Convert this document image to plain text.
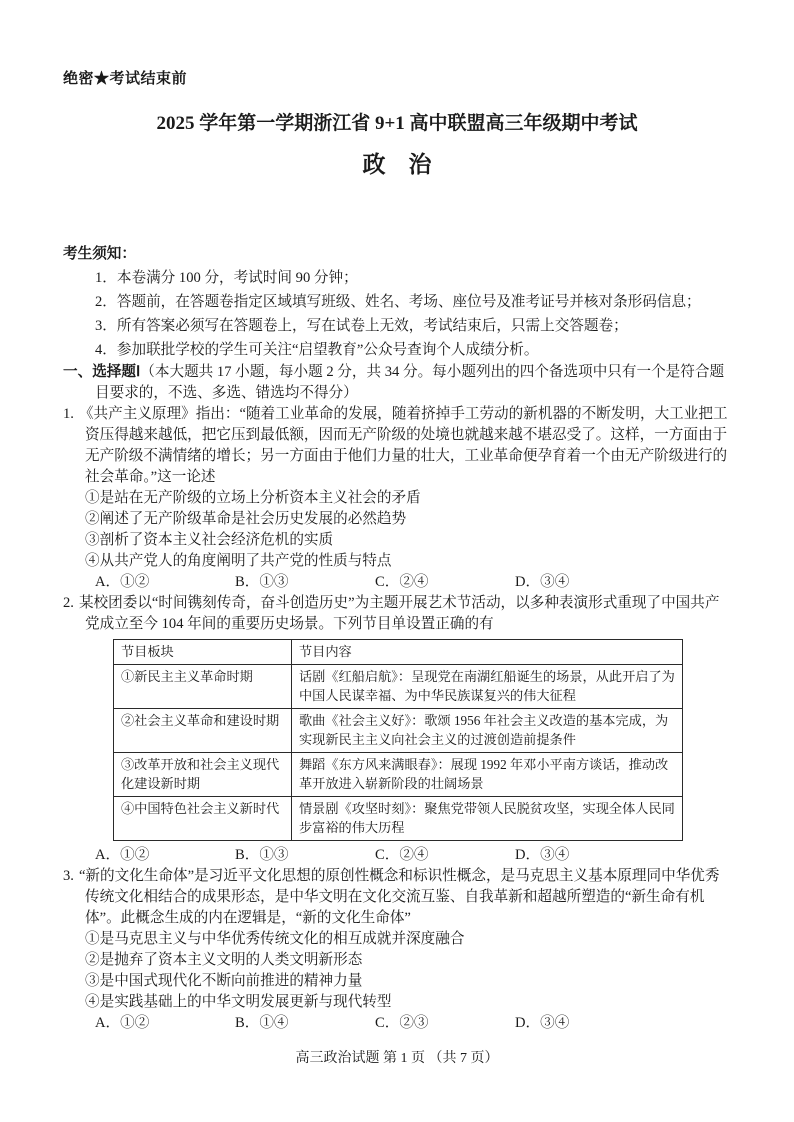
绝密★考试结束前
2025 学年第一学期浙江省 9+1 高中联盟高三年级期中考试
政　治
考生须知：
1．本卷满分 100 分，考试时间 90 分钟；
2．答题前，在答题卷指定区域填写班级、姓名、考场、座位号及准考证号并核对条形码信息；
3．所有答案必须写在答题卷上，写在试卷上无效，考试结束后，只需上交答题卷；
4．参加联批学校的学生可关注“启望教育”公众号查询个人成绩分析。
一、选择题Ⅰ（本大题共 17 小题，每小题 2 分，共 34 分。每小题列出的四个备选项中只有一个是符合题目要求的，不选、多选、错选均不得分）
1. 《共产主义原理》指出：“随着工业革命的发展，随着挤掉手工劳动的新机器的不断发明，大工业把工资压得越来越低，把它压到最低额，因而无产阶级的处境也就越来越不堪忍受了。这样，一方面由于无产阶级不满情绪的增长；另一方面由于他们力量的壮大，工业革命便孕育着一个由无产阶级进行的社会革命。”这一论述
①是站在无产阶级的立场上分析资本主义社会的矛盾
②阐述了无产阶级革命是社会历史发展的必然趋势
③剖析了资本主义社会经济危机的实质
④从共产党人的角度阐明了共产党的性质与特点
A．①②	B．①③	C．②④	D．③④
2. 某校团委以“时间镌刻传奇，奋斗创造历史”为主题开展艺术节活动，以多种表演形式重现了中国共产党成立至今 104 年间的重要历史场景。下列节目单设置正确的有
节目板块	节目内容
①新民主主义革命时期	话剧《红船启航》：呈现党在南湖红船诞生的场景，从此开启了为中国人民谋幸福、为中华民族谋复兴的伟大征程
②社会主义革命和建设时期	歌曲《社会主义好》：歌颂 1956 年社会主义改造的基本完成，为实现新民主主义向社会主义的过渡创造前提条件
③改革开放和社会主义现代化建设新时期	舞蹈《东方风来满眼春》：展现 1992 年邓小平南方谈话，推动改革开放进入崭新阶段的壮阔场景
④中国特色社会主义新时代	情景剧《攻坚时刻》：聚焦党带领人民脱贫攻坚，实现全体人民同步富裕的伟大历程
A．①②	B．①③	C．②④	D．③④
3. “新的文化生命体”是习近平文化思想的原创性概念和标识性概念，是马克思主义基本原理同中华优秀传统文化相结合的成果形态，是中华文明在文化交流互鉴、自我革新和超越所塑造的“新生命有机体”。此概念生成的内在逻辑是，“新的文化生命体”
①是马克思主义与中华优秀传统文化的相互成就并深度融合
②是抛弃了资本主义文明的人类文明新形态
③是中国式现代化不断向前推进的精神力量
④是实践基础上的中华文明发展更新与现代转型
A．①②	B．①④	C．②③	D．③④
高三政治试题 第 1 页 （共 7 页）
